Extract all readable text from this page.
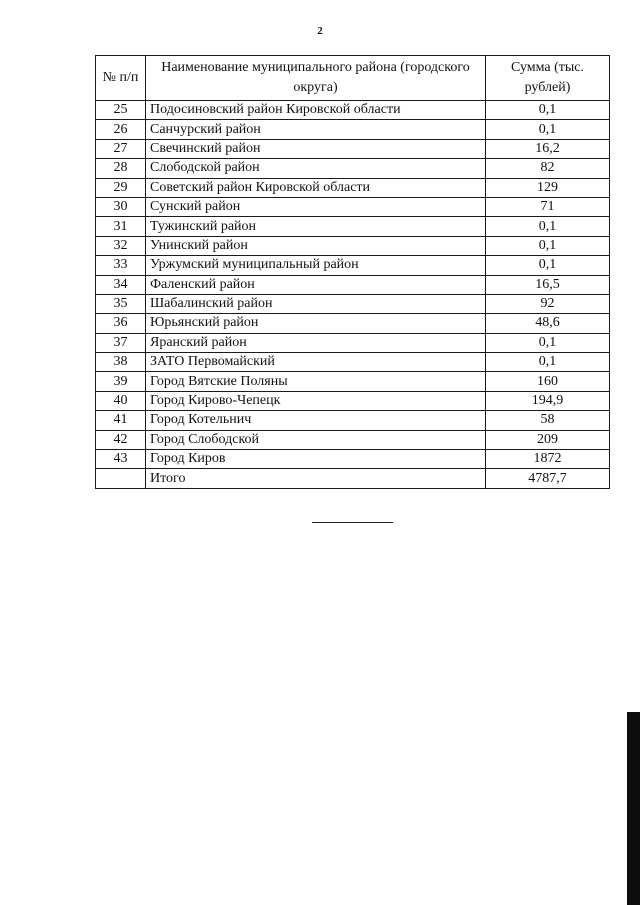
2
№ п/п	Наименование муниципального района (городского округа)	Сумма (тыс. рублей)
25	Подосиновский район Кировской области	0,1
26	Санчурский район	0,1
27	Свечинский район	16,2
28	Слободской район	82
29	Советский район Кировской области	129
30	Сунский район	71
31	Тужинский район	0,1
32	Унинский район	0,1
33	Уржумский муниципальный район	0,1
34	Фаленский район	16,5
35	Шабалинский район	92
36	Юрьянский район	48,6
37	Яранский район	0,1
38	ЗАТО Первомайский	0,1
39	Город Вятские Поляны	160
40	Город Кирово-Чепецк	194,9
41	Город Котельнич	58
42	Город Слободской	209
43	Город Киров	1872
	Итого	4787,7
